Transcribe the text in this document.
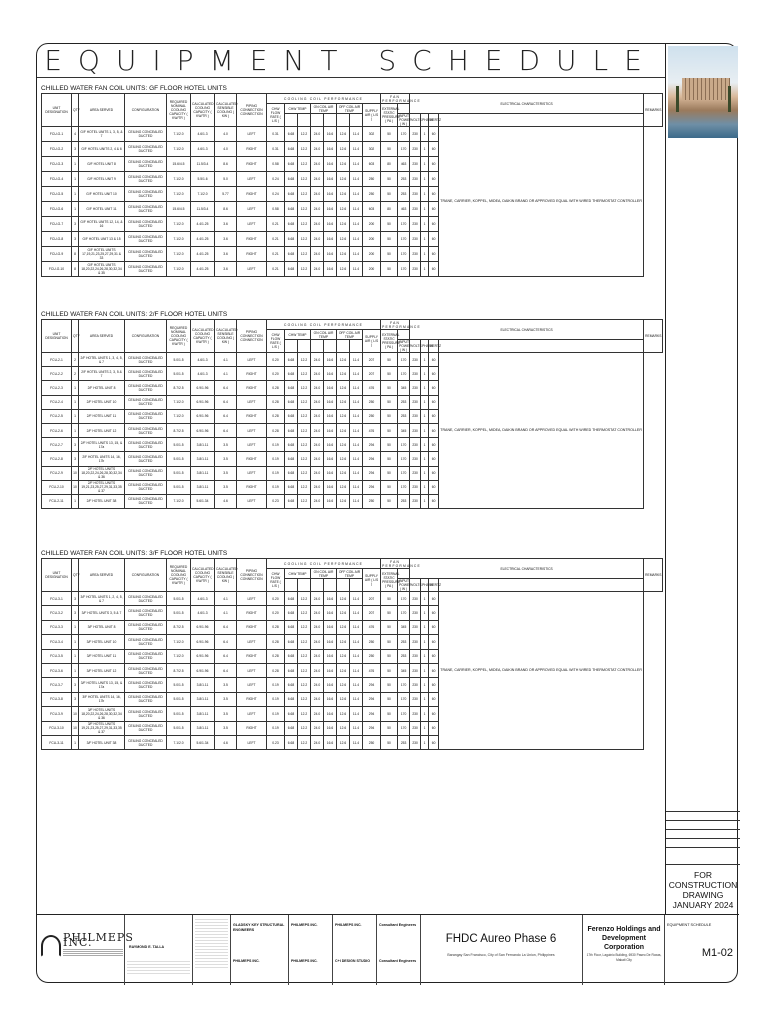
EQUIPMENT SCHEDULE
CHILLED WATER FAN COIL UNITS: GF FLOOR HOTEL UNITS
UNIT DESIGNATION	QTY	AREA SERVED	CONFIGURATION	REQUIRED NOMINAL COOLING CAPACITY ( KW/TR )	CALCULATED COOLING CAPACITY ( KW/TR )	CALCULATED SENSIBLE COOLING ( KW )	PIPING CONNECTION CONNECTION	COOLING COIL PERFORMANCE								FAN PERFORMANCE		ELECTRICAL CHARACTERISTICS				REMARKS
								CHW FLOW RATE ( L/S )	CHW TEMP		ON COIL AIR TEMP		OFF COIL AIR TEMP		SUPPLY AIR ( L/S )	EXTERNAL STATIC PRESSURE ( PA )						
																	INPUT POWER ( W )	VOLTS	PHASE	HERTZ		
FCU-G-1	4	G/F HOTEL UNITS 1, 3, 5, & 7	CEILING CONCEALED DUCTED	7.1/2.0	4.6/1.3	4.0	LEFT	0.31	6.68	12.2	24.0	16.6	12.6	11.4	302	50	170	230	1	60	TRANE, CARRIER, KOPPEL, MIDEA, DAIKIN BRAND OR APPROVED EQUAL WITH WIRED THERMOSTAT CONTROLLER	
FCU-G-2	3	G/F HOTEL UNITS 2, 4 & 6	CEILING CONCEALED DUCTED	7.1/2.0	4.6/1.3	4.0	RIGHT	0.31	6.68	12.2	24.0	16.6	12.6	11.4	302	50	170	230	1	60		
FCU-G-3	1	G/F HOTEL UNIT 8	CEILING CONCEALED DUCTED	15.6/4.5	11.5/3.4	8.6	RIGHT	0.58	6.68	12.2	24.0	16.6	12.6	11.4	603	80	463	230	1	60		
FCU-G-4	1	G/F HOTEL UNIT 9	CEILING CONCEALED DUCTED	7.1/2.0	5.5/1.6	5.0	LEFT	0.24	6.68	12.2	24.0	16.6	12.6	11.4	250	50	253	230	1	60		
FCU-G-5	1	G/F HOTEL UNIT 10	CEILING CONCEALED DUCTED	7.1/2.0	7.1/2.0	5.77	RIGHT	0.24	6.68	12.2	24.0	16.6	12.6	11.4	250	50	253	230	1	60		
FCU-G-6	1	G/F HOTEL UNIT 11	CEILING CONCEALED DUCTED	15.6/4.5	11.5/3.4	8.6	LEFT	0.58	6.68	12.2	24.0	16.6	12.6	11.4	603	80	463	230	1	60		
FCU-G-7	3	G/F HOTEL UNITS 12, 14, & 16	CEILING CONCEALED DUCTED	7.1/2.0	4.4/1.25	3.6	LEFT	0.21	6.68	12.2	24.0	16.6	12.6	11.4	200	50	170	230	1	60		
FCU-G-8	3	G/F HOTEL UNIT 13 & 15	CEILING CONCEALED DUCTED	7.1/2.0	4.4/1.25	3.6	RIGHT	0.21	6.68	12.2	24.0	16.6	12.6	11.4	200	50	170	230	1	60		
FCU-G-9	8	G/F HOTEL UNITS 17,19,21,23,25,27,29,31 & 33	CEILING CONCEALED DUCTED	7.1/2.0	4.4/1.25	3.6	RIGHT	0.21	6.68	12.2	24.0	16.6	12.6	11.4	200	50	170	230	1	60		
FCU-G-10	8	G/F HOTEL UNITS 18,20,22,24,26,28,30,32,34 & 35	CEILING CONCEALED DUCTED	7.1/2.0	4.4/1.25	3.6	LEFT	0.21	6.68	12.2	24.0	16.6	12.6	11.4	200	50	170	230	1	60		
CHILLED WATER FAN COIL UNITS: 2/F FLOOR HOTEL UNITS
UNIT DESIGNATION	QTY	AREA SERVED	CONFIGURATION	REQUIRED NOMINAL COOLING CAPACITY ( KW/TR )	CALCULATED COOLING CAPACITY ( KW/TR )	CALCULATED SENSIBLE COOLING ( KW )	PIPING CONNECTION CONNECTION	COOLING COIL PERFORMANCE								FAN PERFORMANCE		ELECTRICAL CHARACTERISTICS				REMARKS
								CHW FLOW RATE ( L/S )	CHW TEMP		ON COIL AIR TEMP		OFF COIL AIR TEMP		SUPPLY AIR ( L/S )	EXTERNAL STATIC PRESSURE ( PA )						
																	INPUT POWER ( W )	VOLTS	PHASE	HERTZ		
FCU-2-1	2	2/F HOTEL UNITS 1, 3, 4, 5, & 7	CEILING CONCEALED DUCTED	5.0/1.5	4.6/1.3	4.1	LEFT	0.20	6.68	12.2	24.0	16.6	12.6	11.4	207	50	170	230	1	60	TRANE, CARRIER, KOPPEL, MIDEA, DAIKIN BRAND OR APPROVED EQUAL WITH WIRED THERMOSTAT CONTROLLER	
FCU-2-2	2	2/F HOTEL UNITS 2, 3, 5 & 7	CEILING CONCEALED DUCTED	5.0/1.5	4.6/1.3	4.1	RIGHT	0.20	6.68	12.2	24.0	16.6	12.6	11.4	207	50	170	230	1	60		
FCU-2-3	1	2/F HOTEL UNIT 8	CEILING CONCEALED DUCTED	8.7/2.5	6.9/1.96	6.4	RIGHT	0.28	6.68	12.2	24.0	16.6	12.6	11.4	476	50	345	230	1	60		
FCU-2-4	1	2/F HOTEL UNIT 10	CEILING CONCEALED DUCTED	7.1/2.0	6.9/1.96	6.4	LEFT	0.28	6.68	12.2	24.0	16.6	12.6	11.4	250	50	253	230	1	60		
FCU-2-5	1	2/F HOTEL UNIT 11	CEILING CONCEALED DUCTED	7.1/2.0	6.9/1.96	6.4	RIGHT	0.28	6.68	12.2	24.0	16.6	12.6	11.4	250	50	253	230	1	60		
FCU-2-6	1	2/F HOTEL UNIT 12	CEILING CONCEALED DUCTED	8.7/2.5	6.9/1.96	6.4	LEFT	0.28	6.68	12.2	24.0	16.6	12.6	11.4	476	50	345	230	1	60		
FCU-2-7	3	2/F HOTEL UNITS 13, 15, & 17a	CEILING CONCEALED DUCTED	5.0/1.5	3.8/1.11	3.5	LEFT	0.19	6.68	12.2	24.0	16.6	12.6	11.4	294	50	170	230	1	60		
FCU-2-8	3	2/F HOTEL UNITS 14, 16, 17b	CEILING CONCEALED DUCTED	5.0/1.5	3.8/1.11	3.5	RIGHT	0.19	6.68	12.2	24.0	16.6	12.6	11.4	294	50	170	230	1	60		
FCU-2-9	10	2/F HOTEL UNITS 18,20,22,24,26,28,30,32,34 & 36	CEILING CONCEALED DUCTED	5.0/1.5	3.8/1.11	3.5	LEFT	0.19	6.68	12.2	24.0	16.6	12.6	11.4	294	50	170	230	1	60		
FCU-2-10	10	2/F HOTEL UNITS 19,21,23,25,27,29,31,33,35 & 37	CEILING CONCEALED DUCTED	5.0/1.5	3.8/1.11	3.5	RIGHT	0.19	6.68	12.2	24.0	16.6	12.6	11.4	294	50	170	230	1	60		
FCU-2-11	1	2/F HOTEL UNIT 38	CEILING CONCEALED DUCTED	7.1/2.0	5.6/1.34	4.6	LEFT	0.23	6.68	12.2	24.0	16.6	12.6	11.4	250	50	253	230	1	60		
CHILLED WATER FAN COIL UNITS: 3/F FLOOR HOTEL UNITS
UNIT DESIGNATION	QTY	AREA SERVED	CONFIGURATION	REQUIRED NOMINAL COOLING CAPACITY ( KW/TR )	CALCULATED COOLING CAPACITY ( KW/TR )	CALCULATED SENSIBLE COOLING ( KW )	PIPING CONNECTION CONNECTION	COOLING COIL PERFORMANCE								FAN PERFORMANCE		ELECTRICAL CHARACTERISTICS				REMARKS
								CHW FLOW RATE ( L/S )	CHW TEMP		ON COIL AIR TEMP		OFF COIL AIR TEMP		SUPPLY AIR ( L/S )	EXTERNAL STATIC PRESSURE ( PA )						
																	INPUT POWER ( W )	VOLTS	PHASE	HERTZ		
FCU-3-1	3	3/F HOTEL UNITS 1, 2, 4, 5, & 7	CEILING CONCEALED DUCTED	5.0/1.5	4.6/1.3	4.1	LEFT	0.20	6.68	12.2	24.0	16.6	12.6	11.4	207	50	170	230	1	60	TRANE, CARRIER, KOPPEL, MIDEA, DAIKIN BRAND OR APPROVED EQUAL WITH WIRED THERMOSTAT CONTROLLER	
FCU-3-2	3	3/F HOTEL UNITS 3, 5 & 7	CEILING CONCEALED DUCTED	5.0/1.5	4.6/1.3	4.1	RIGHT	0.20	6.68	12.2	24.0	16.6	12.6	11.4	207	50	170	230	1	60		
FCU-3-3	1	3/F HOTEL UNIT 8	CEILING CONCEALED DUCTED	8.7/2.5	6.9/1.96	6.4	RIGHT	0.28	6.68	12.2	24.0	16.6	12.6	11.4	476	50	345	230	1	60		
FCU-3-4	1	3/F HOTEL UNIT 10	CEILING CONCEALED DUCTED	7.1/2.0	6.9/1.96	6.4	LEFT	0.28	6.68	12.2	24.0	16.6	12.6	11.4	250	50	253	230	1	60		
FCU-3-5	1	3/F HOTEL UNIT 11	CEILING CONCEALED DUCTED	7.1/2.0	6.9/1.96	6.4	RIGHT	0.28	6.68	12.2	24.0	16.6	12.6	11.4	250	50	253	230	1	60		
FCU-3-6	1	3/F HOTEL UNIT 12	CEILING CONCEALED DUCTED	8.7/2.5	6.9/1.96	6.4	LEFT	0.28	6.68	12.2	24.0	16.6	12.6	11.4	476	50	345	230	1	60		
FCU-3-7	3	3/F HOTEL UNITS 13, 15, & 17a	CEILING CONCEALED DUCTED	5.0/1.5	3.8/1.11	3.5	LEFT	0.19	6.68	12.2	24.0	16.6	12.6	11.4	294	50	170	230	1	60		
FCU-3-8	3	3/F HOTEL UNITS 14, 16, 17b	CEILING CONCEALED DUCTED	5.0/1.5	3.8/1.11	3.5	RIGHT	0.19	6.68	12.2	24.0	16.6	12.6	11.4	294	50	170	230	1	60		
FCU-3-9	10	3/F HOTEL UNITS 18,20,22,24,26,28,30,32,34 & 36	CEILING CONCEALED DUCTED	5.0/1.5	3.8/1.11	3.5	LEFT	0.19	6.68	12.2	24.0	16.6	12.6	11.4	294	50	170	230	1	60		
FCU-3-10	10	3/F HOTEL UNITS 19,21,23,25,27,29,31,33,35 & 37	CEILING CONCEALED DUCTED	5.0/1.5	3.8/1.11	3.5	RIGHT	0.19	6.68	12.2	24.0	16.6	12.6	11.4	294	50	170	230	1	60		
FCU-3-11	1	3/F HOTEL UNIT 38	CEILING CONCEALED DUCTED	7.1/2.0	5.6/1.34	4.6	LEFT	0.23	6.68	12.2	24.0	16.6	12.6	11.4	250	50	253	230	1	60		
FOR CONSTRUCTION
DRAWING
JANUARY 2024
PHILMEPS INC.	RAYMOND E. TALLA
GLADSKY KEY STRUCTURAL ENGINEERS
PHILMEPS INC.
PHILMEPS INC.
PHILMEPS INC.
PHILMEPS INC.
C+I DESIGN STUDIO
Consultant Engineers
Consultant Engineers
FHDC Aureo Phase 6
Barangay San Francisco, City of San Fernando La Union, Philippines
Ferenzo Holdings and Development Corporation
17th Floor, Laguinio Building, 6930 Paseo De Roxas, Makati City
EQUIPMENT SCHEDULE
M1-02
